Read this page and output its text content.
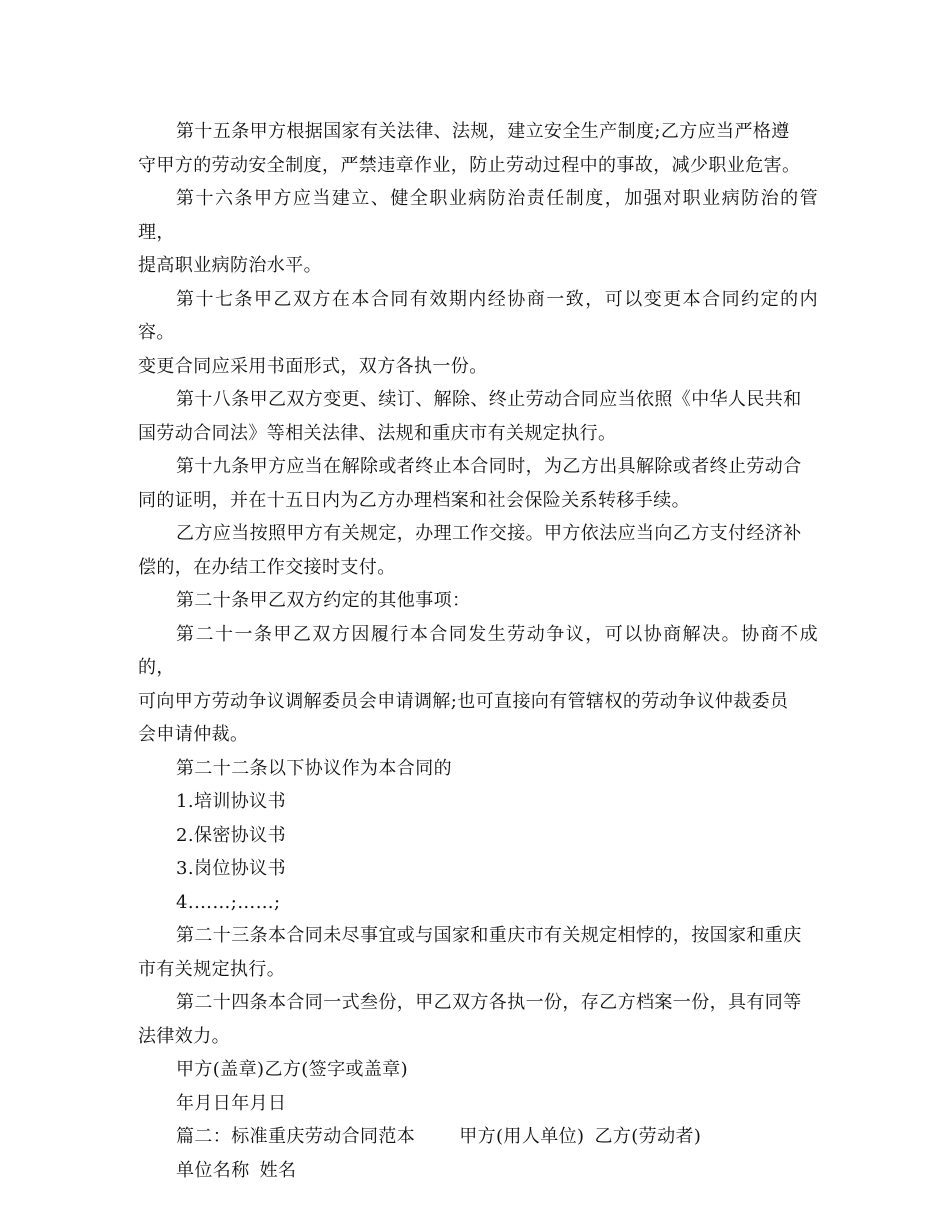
第十五条甲方根据国家有关法律、法规，建立安全生产制度;乙方应当严格遵
守甲方的劳动安全制度，严禁违章作业，防止劳动过程中的事故，减少职业危害。

第十六条甲方应当建立、健全职业病防治责任制度，加强对职业病防治的管理，
提高职业病防治水平。

第十七条甲乙双方在本合同有效期内经协商一致，可以变更本合同约定的内容。
变更合同应采用书面形式，双方各执一份。

第十八条甲乙双方变更、续订、解除、终止劳动合同应当依照《中华人民共和
国劳动合同法》等相关法律、法规和重庆市有关规定执行。

第十九条甲方应当在解除或者终止本合同时，为乙方出具解除或者终止劳动合
同的证明，并在十五日内为乙方办理档案和社会保险关系转移手续。

乙方应当按照甲方有关规定，办理工作交接。甲方依法应当向乙方支付经济补
偿的，在办结工作交接时支付。

第二十条甲乙双方约定的其他事项：

第二十一条甲乙双方因履行本合同发生劳动争议，可以协商解决。协商不成的，
可向甲方劳动争议调解委员会申请调解;也可直接向有管辖权的劳动争议仲裁委员
会申请仲裁。

第二十二条以下协议作为本合同的

1.培训协议书

2.保密协议书

3.岗位协议书

4.……;……;

第二十三条本合同未尽事宜或与国家和重庆市有关规定相悖的，按国家和重庆
市有关规定执行。

第二十四条本合同一式叁份，甲乙双方各执一份，存乙方档案一份，具有同等
法律效力。

甲方(盖章)乙方(签字或盖章)

年月日年月日

篇二：标准重庆劳动合同范本 甲方(用人单位) 乙方(劳动者)

单位名称 姓名
